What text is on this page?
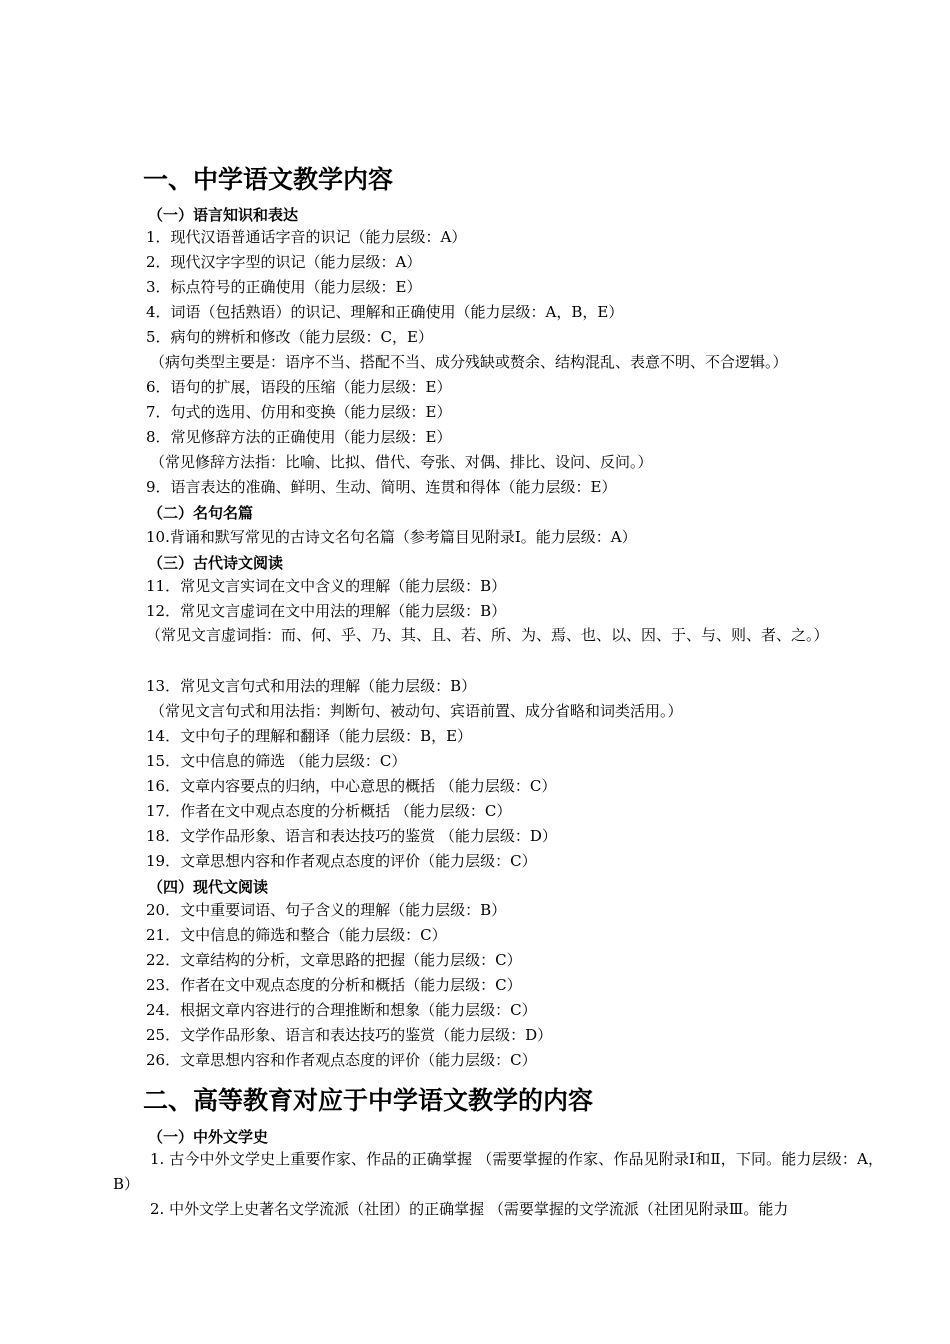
一、中学语文教学内容
（一）语言知识和表达
1．现代汉语普通话字音的识记（能力层级：A）
2．现代汉字字型的识记（能力层级：A）
3．标点符号的正确使用（能力层级：E）
4．词语（包括熟语）的识记、理解和正确使用（能力层级：A，B，E）
5．病句的辨析和修改（能力层级：C，E）
（病句类型主要是：语序不当、搭配不当、成分残缺或赘余、结构混乱、表意不明、不合逻辑。）
6．语句的扩展，语段的压缩（能力层级：E）
7．句式的选用、仿用和变换（能力层级：E）
8．常见修辞方法的正确使用（能力层级：E）
（常见修辞方法指：比喻、比拟、借代、夸张、对偶、排比、设问、反问。）
9．语言表达的准确、鲜明、生动、简明、连贯和得体（能力层级：E）
（二）名句名篇
10.背诵和默写常见的古诗文名句名篇（参考篇目见附录Ⅰ。能力层级：A）
（三）古代诗文阅读
11．常见文言实词在文中含义的理解（能力层级：B）
12．常见文言虚词在文中用法的理解（能力层级：B）
（常见文言虚词指：而、何、乎、乃、其、且、若、所、为、焉、也、以、因、于、与、则、者、之。）
13．常见文言句式和用法的理解（能力层级：B）
（常见文言句式和用法指：判断句、被动句、宾语前置、成分省略和词类活用。）
14．文中句子的理解和翻译（能力层级：B，E）
15．文中信息的筛选 （能力层级：C）
16．文章内容要点的归纳，中心意思的概括 （能力层级：C）
17．作者在文中观点态度的分析概括 （能力层级：C）
18．文学作品形象、语言和表达技巧的鉴赏 （能力层级：D）
19．文章思想内容和作者观点态度的评价（能力层级：C）
（四）现代文阅读
20．文中重要词语、句子含义的理解（能力层级：B）
21．文中信息的筛选和整合（能力层级：C）
22．文章结构的分析，文章思路的把握（能力层级：C）
23．作者在文中观点态度的分析和概括（能力层级：C）
24．根据文章内容进行的合理推断和想象（能力层级：C）
25．文学作品形象、语言和表达技巧的鉴赏（能力层级：D）
26．文章思想内容和作者观点态度的评价（能力层级：C）
二、高等教育对应于中学语文教学的内容
（一）中外文学史
1. 古今中外文学史上重要作家、作品的正确掌握 （需要掌握的作家、作品见附录Ⅰ和Ⅱ，下同。能力层级：A，B）
2. 中外文学上史著名文学流派（社团）的正确掌握 （需要掌握的文学流派（社团见附录Ⅲ。能力
